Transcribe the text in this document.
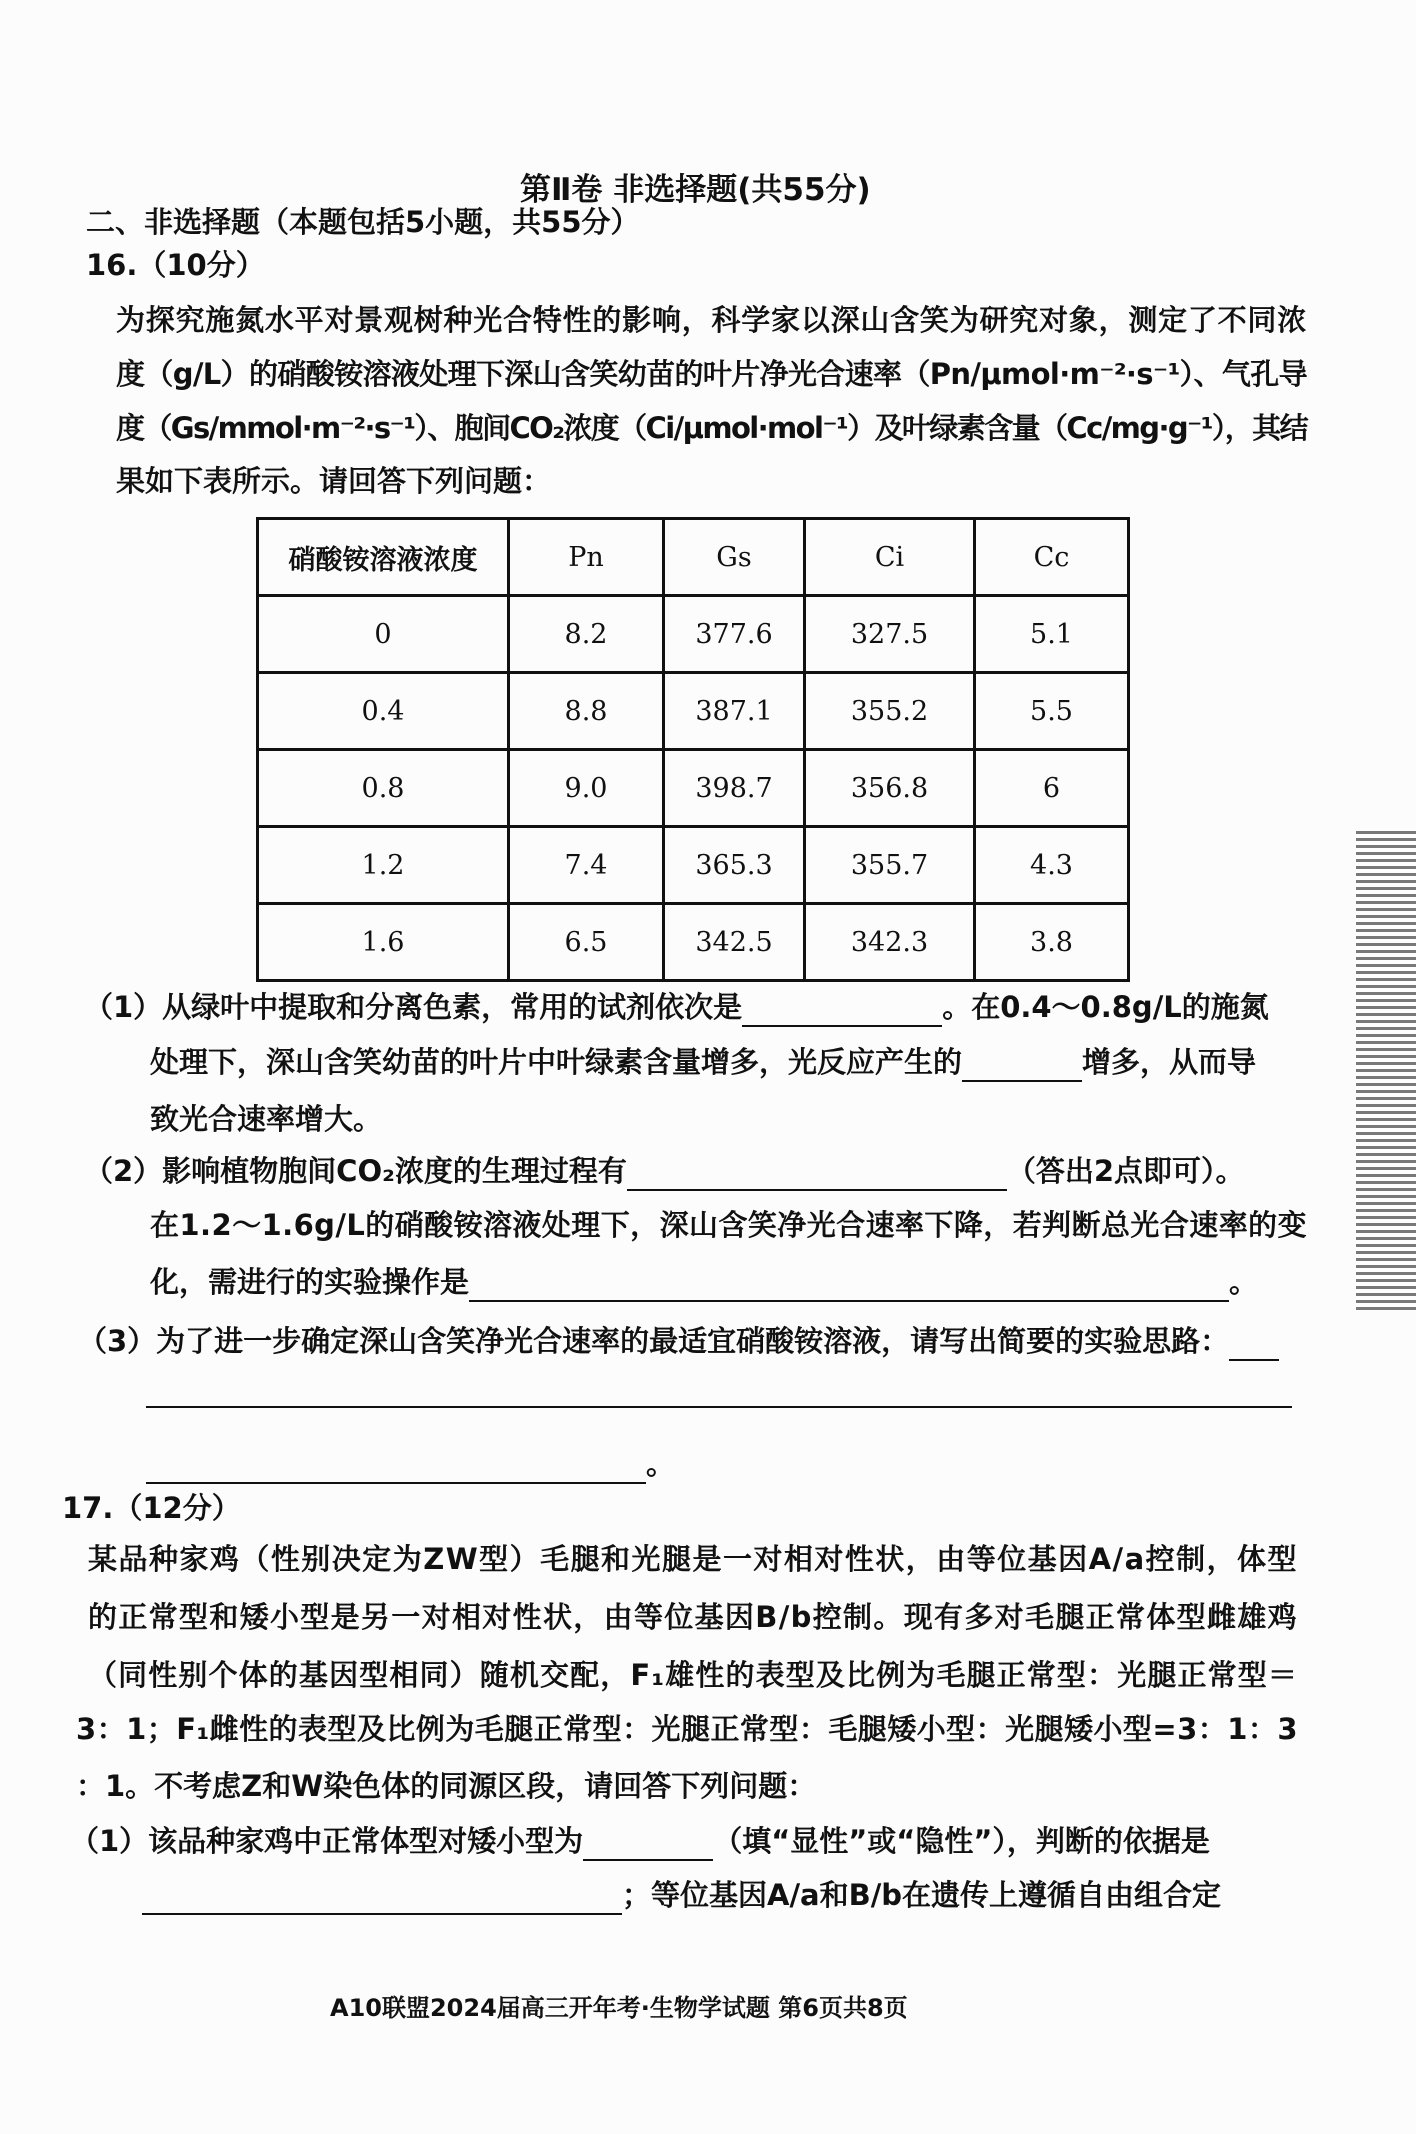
第Ⅱ卷 非选择题(共55分)
二、非选择题（本题包括5小题，共55分）
16.（10分）
为探究施氮水平对景观树种光合特性的影响，科学家以深山含笑为研究对象，测定了不同浓
度（g/L）的硝酸铵溶液处理下深山含笑幼苗的叶片净光合速率（Pn/μmol·m⁻²·s⁻¹）、气孔导
度（Gs/mmol·m⁻²·s⁻¹）、胞间CO₂浓度（Ci/μmol·mol⁻¹）及叶绿素含量（Cc/mg·g⁻¹），其结
果如下表所示。请回答下列问题：
硝酸铵溶液浓度	Pn	Gs	Ci	Cc
0	8.2	377.6	327.5	5.1
0.4	8.8	387.1	355.2	5.5
0.8	9.0	398.7	356.8	6
1.2	7.4	365.3	355.7	4.3
1.6	6.5	342.5	342.3	3.8
（1）从绿叶中提取和分离色素，常用的试剂依次是	。在0.4～0.8g/L的施氮
处理下，深山含笑幼苗的叶片中叶绿素含量增多，光反应产生的	增多，从而导
致光合速率增大。
（2）影响植物胞间CO₂浓度的生理过程有	（答出2点即可）。
在1.2～1.6g/L的硝酸铵溶液处理下，深山含笑净光合速率下降，若判断总光合速率的变
化，需进行的实验操作是	。
（3）为了进一步确定深山含笑净光合速率的最适宜硝酸铵溶液，请写出简要的实验思路：
。
17.（12分）
某品种家鸡（性别决定为ZW型）毛腿和光腿是一对相对性状，由等位基因A/a控制，体型
的正常型和矮小型是另一对相对性状，由等位基因B/b控制。现有多对毛腿正常体型雌雄鸡
（同性别个体的基因型相同）随机交配，F₁雄性的表型及比例为毛腿正常型：光腿正常型＝
3：1；F₁雌性的表型及比例为毛腿正常型：光腿正常型：毛腿矮小型：光腿矮小型=3：1：3
：1。不考虑Z和W染色体的同源区段，请回答下列问题：
（1）该品种家鸡中正常体型对矮小型为	（填“显性”或“隐性”），判断的依据是
；等位基因A/a和B/b在遗传上遵循自由组合定
A10联盟2024届高三开年考·生物学试题 第6页共8页
